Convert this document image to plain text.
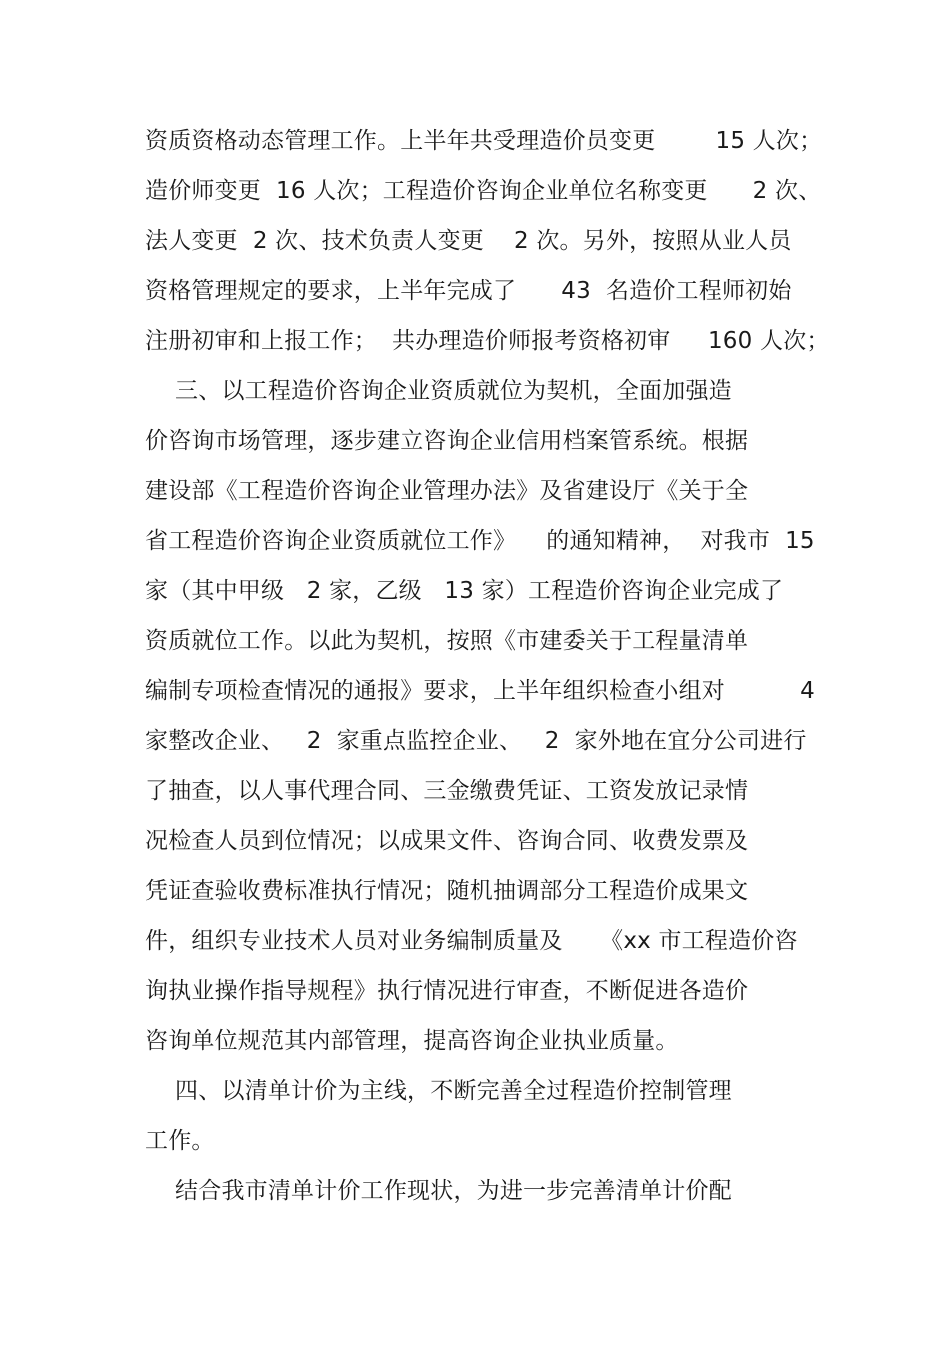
资质资格动态管理工作。上半年共受理造价员变更        15 人次；
造价师变更  16 人次；工程造价咨询企业单位名称变更      2 次、
法人变更  2 次、技术负责人变更    2 次。另外，按照从业人员
资格管理规定的要求，上半年完成了      43  名造价工程师初始
注册初审和上报工作；  共办理造价师报考资格初审     160 人次；
三、以工程造价咨询企业资质就位为契机，全面加强造
价咨询市场管理，逐步建立咨询企业信用档案管系统。根据
建设部《工程造价咨询企业管理办法》及省建设厅《关于全
省工程造价咨询企业资质就位工作》    的通知精神，  对我市  15
家（其中甲级   2 家，乙级   13 家）工程造价咨询企业完成了
资质就位工作。以此为契机，按照《市建委关于工程量清单
编制专项检查情况的通报》要求，上半年组织检查小组对          4
家整改企业、   2  家重点监控企业、   2  家外地在宜分公司进行
了抽查，以人事代理合同、三金缴费凭证、工资发放记录情
况检查人员到位情况；以成果文件、咨询合同、收费发票及
凭证查验收费标准执行情况；随机抽调部分工程造价成果文
件，组织专业技术人员对业务编制质量及     《xx 市工程造价咨
询执业操作指导规程》执行情况进行审查，不断促进各造价
咨询单位规范其内部管理，提高咨询企业执业质量。
四、以清单计价为主线，不断完善全过程造价控制管理
工作。
结合我市清单计价工作现状，为进一步完善清单计价配
